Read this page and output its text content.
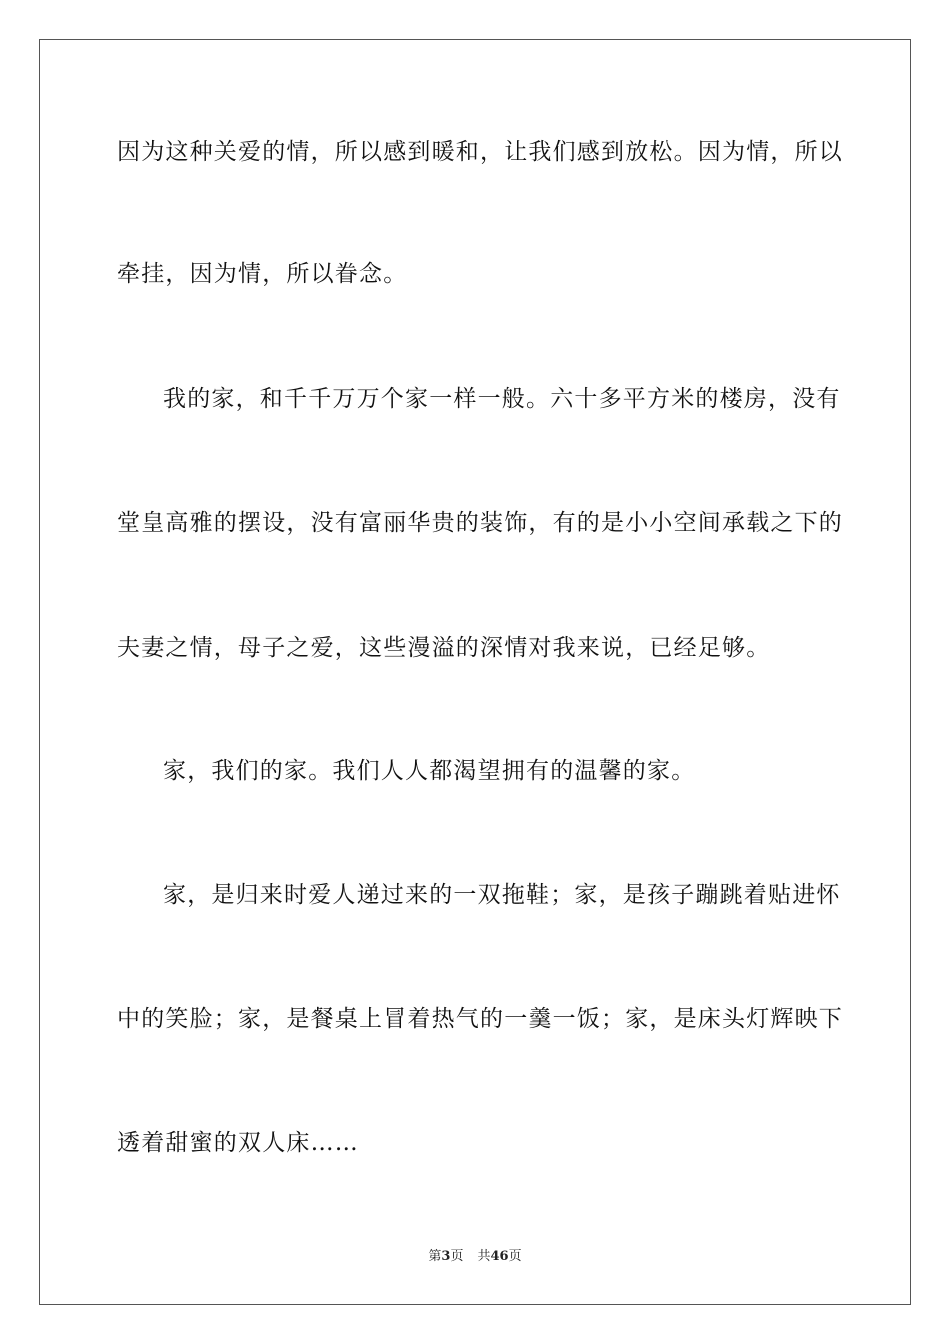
因为这种关爱的情，所以感到暖和，让我们感到放松。因为情，所以
牵挂，因为情，所以眷念。
我的家，和千千万万个家一样一般。六十多平方米的楼房，没有
堂皇高雅的摆设，没有富丽华贵的装饰，有的是小小空间承载之下的
夫妻之情，母子之爱，这些漫溢的深情对我来说，已经足够。
家，我们的家。我们人人都渴望拥有的温馨的家。
家，是归来时爱人递过来的一双拖鞋；家，是孩子蹦跳着贴进怀
中的笑脸；家，是餐桌上冒着热气的一羹一饭；家，是床头灯辉映下
透着甜蜜的双人床……
第3页 共46页
